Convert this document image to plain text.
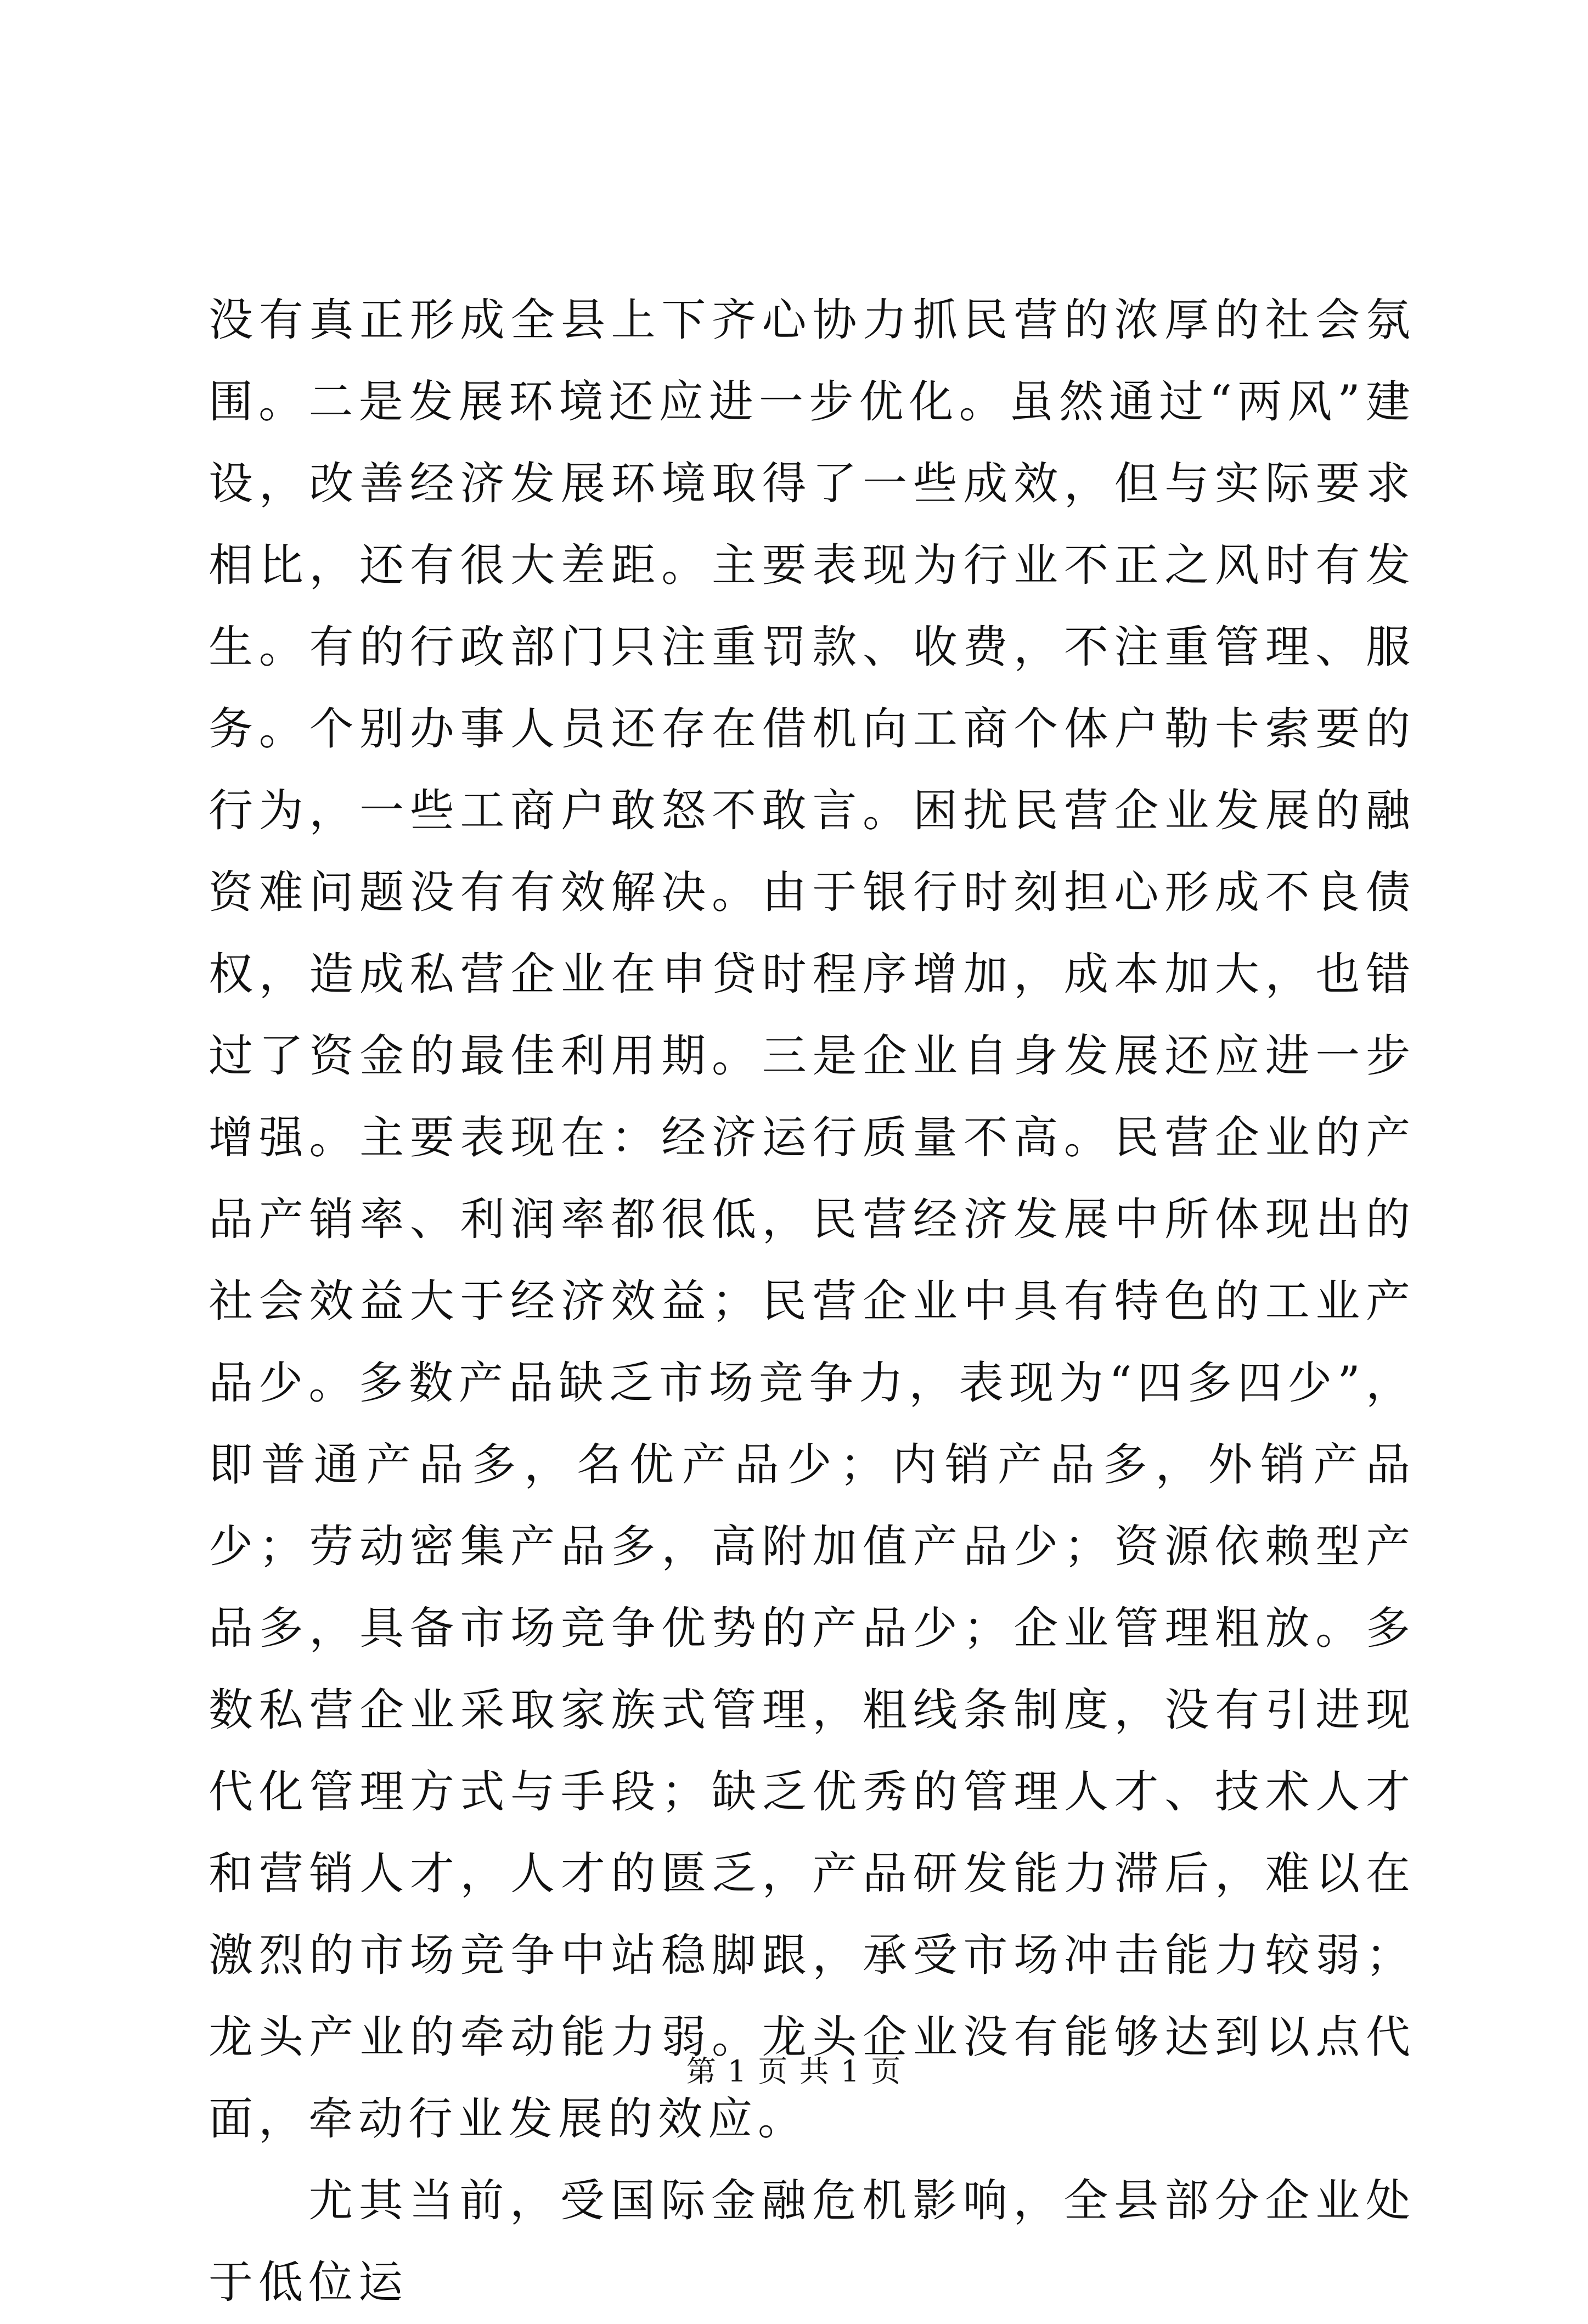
没有真正形成全县上下齐心协力抓民营的浓厚的社会氛围。二是发展环境还应进一步优化。虽然通过“两风”建设，改善经济发展环境取得了一些成效，但与实际要求相比，还有很大差距。主要表现为行业不正之风时有发生。有的行政部门只注重罚款、收费，不注重管理、服务。个别办事人员还存在借机向工商个体户勒卡索要的行为，一些工商户敢怒不敢言。困扰民营企业发展的融资难问题没有有效解决。由于银行时刻担心形成不良债权，造成私营企业在申贷时程序增加，成本加大，也错过了资金的最佳利用期。三是企业自身发展还应进一步增强。主要表现在：经济运行质量不高。民营企业的产品产销率、利润率都很低，民营经济发展中所体现出的社会效益大于经济效益；民营企业中具有特色的工业产品少。多数产品缺乏市场竞争力，表现为“四多四少”，即普通产品多，名优产品少；内销产品多，外销产品少；劳动密集产品多，高附加值产品少；资源依赖型产品多，具备市场竞争优势的产品少；企业管理粗放。多数私营企业采取家族式管理，粗线条制度，没有引进现代化管理方式与手段；缺乏优秀的管理人才、技术人才和营销人才，人才的匮乏，产品研发能力滞后，难以在激烈的市场竞争中站稳脚跟，承受市场冲击能力较弱；龙头产业的牵动能力弱。龙头企业没有能够达到以点代面，牵动行业发展的效应。

尤其当前，受国际金融危机影响，全县部分企业处于低位运

第 1 页 共 1 页
